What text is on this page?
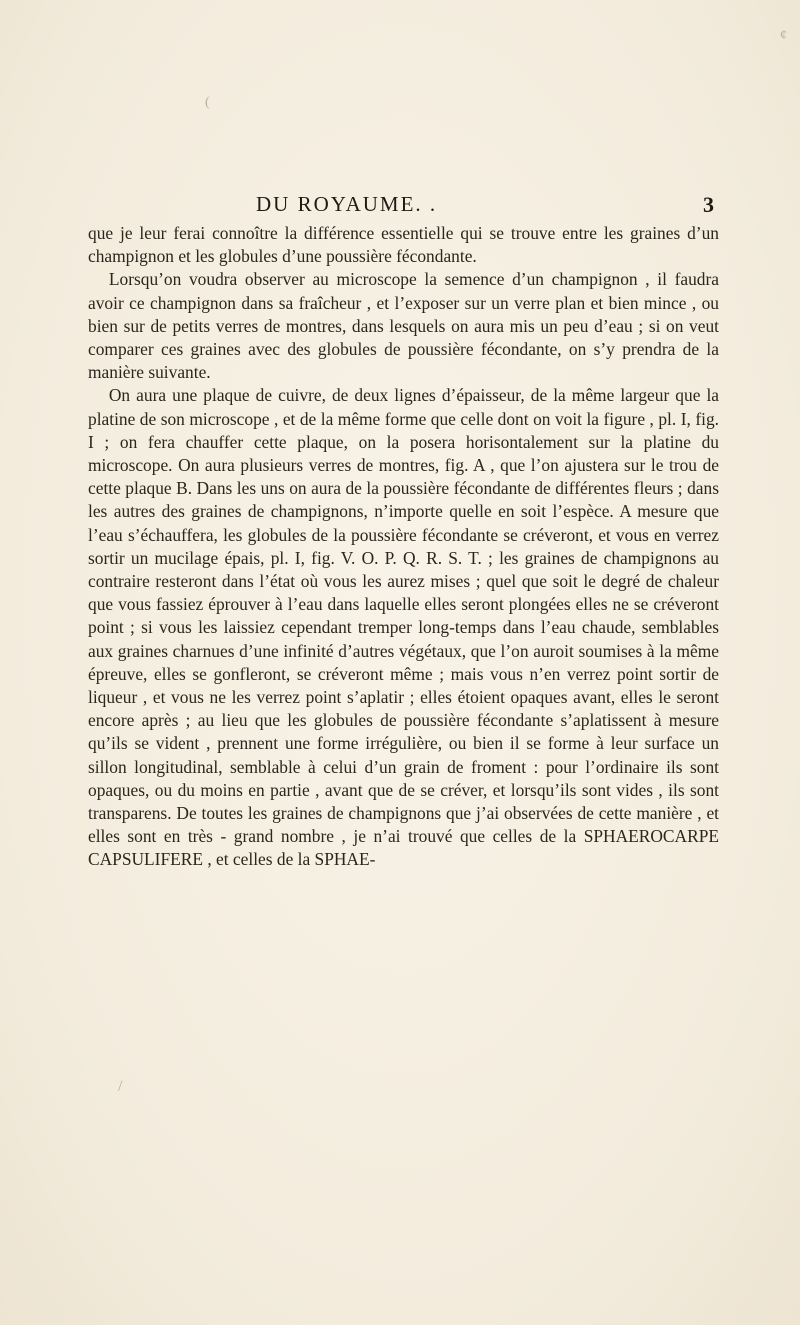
¢
(
/
DU ROYAUME. .	3

que je leur ferai connoître la différence essentielle qui se trouve entre les graines d’un champignon et les globules d’une poussière fécondante.

Lorsqu’on voudra observer au microscope la semence d’un champignon , il faudra avoir ce champignon dans sa fraîcheur , et l’exposer sur un verre plan et bien mince , ou bien sur de petits verres de montres, dans lesquels on aura mis un peu d’eau ; si on veut comparer ces graines avec des globules de poussière fécondante, on s’y prendra de la manière suivante.

On aura une plaque de cuivre, de deux lignes d’épaisseur, de la même largeur que la platine de son microscope , et de la même forme que celle dont on voit la figure , pl. I, fig. I ; on fera chauffer cette plaque, on la posera horisontalement sur la platine du microscope. On aura plusieurs verres de montres, fig. A , que l’on ajustera sur le trou de cette plaque B. Dans les uns on aura de la poussière fécondante de différentes fleurs ; dans les autres des graines de champignons, n’importe quelle en soit l’espèce. A mesure que l’eau s’échauffera, les globules de la poussière fécondante se créveront, et vous en verrez sortir un mucilage épais, pl. I, fig. V. O. P. Q. R. S. T. ; les graines de champignons au contraire resteront dans l’état où vous les aurez mises ; quel que soit le degré de chaleur que vous fassiez éprouver à l’eau dans laquelle elles seront plongées elles ne se créveront point ; si vous les laissiez cependant tremper long-temps dans l’eau chaude, semblables aux graines charnues d’une infinité d’autres végétaux, que l’on auroit soumises à la même épreuve, elles se gonfleront, se créveront même ; mais vous n’en verrez point sortir de liqueur , et vous ne les verrez point s’aplatir ; elles étoient opaques avant, elles le seront encore après ; au lieu que les globules de poussière fécondante s’aplatissent à mesure qu’ils se vident , prennent une forme irrégulière, ou bien il se forme à leur surface un sillon longitudinal, semblable à celui d’un grain de froment : pour l’ordinaire ils sont opaques, ou du moins en partie , avant que de se créver, et lorsqu’ils sont vides , ils sont transparens. De toutes les graines de champignons que j’ai observées de cette manière , et elles sont en très - grand nombre , je n’ai trouvé que celles de la SPHAEROCARPE CAPSULIFERE , et celles de la SPHAE-
